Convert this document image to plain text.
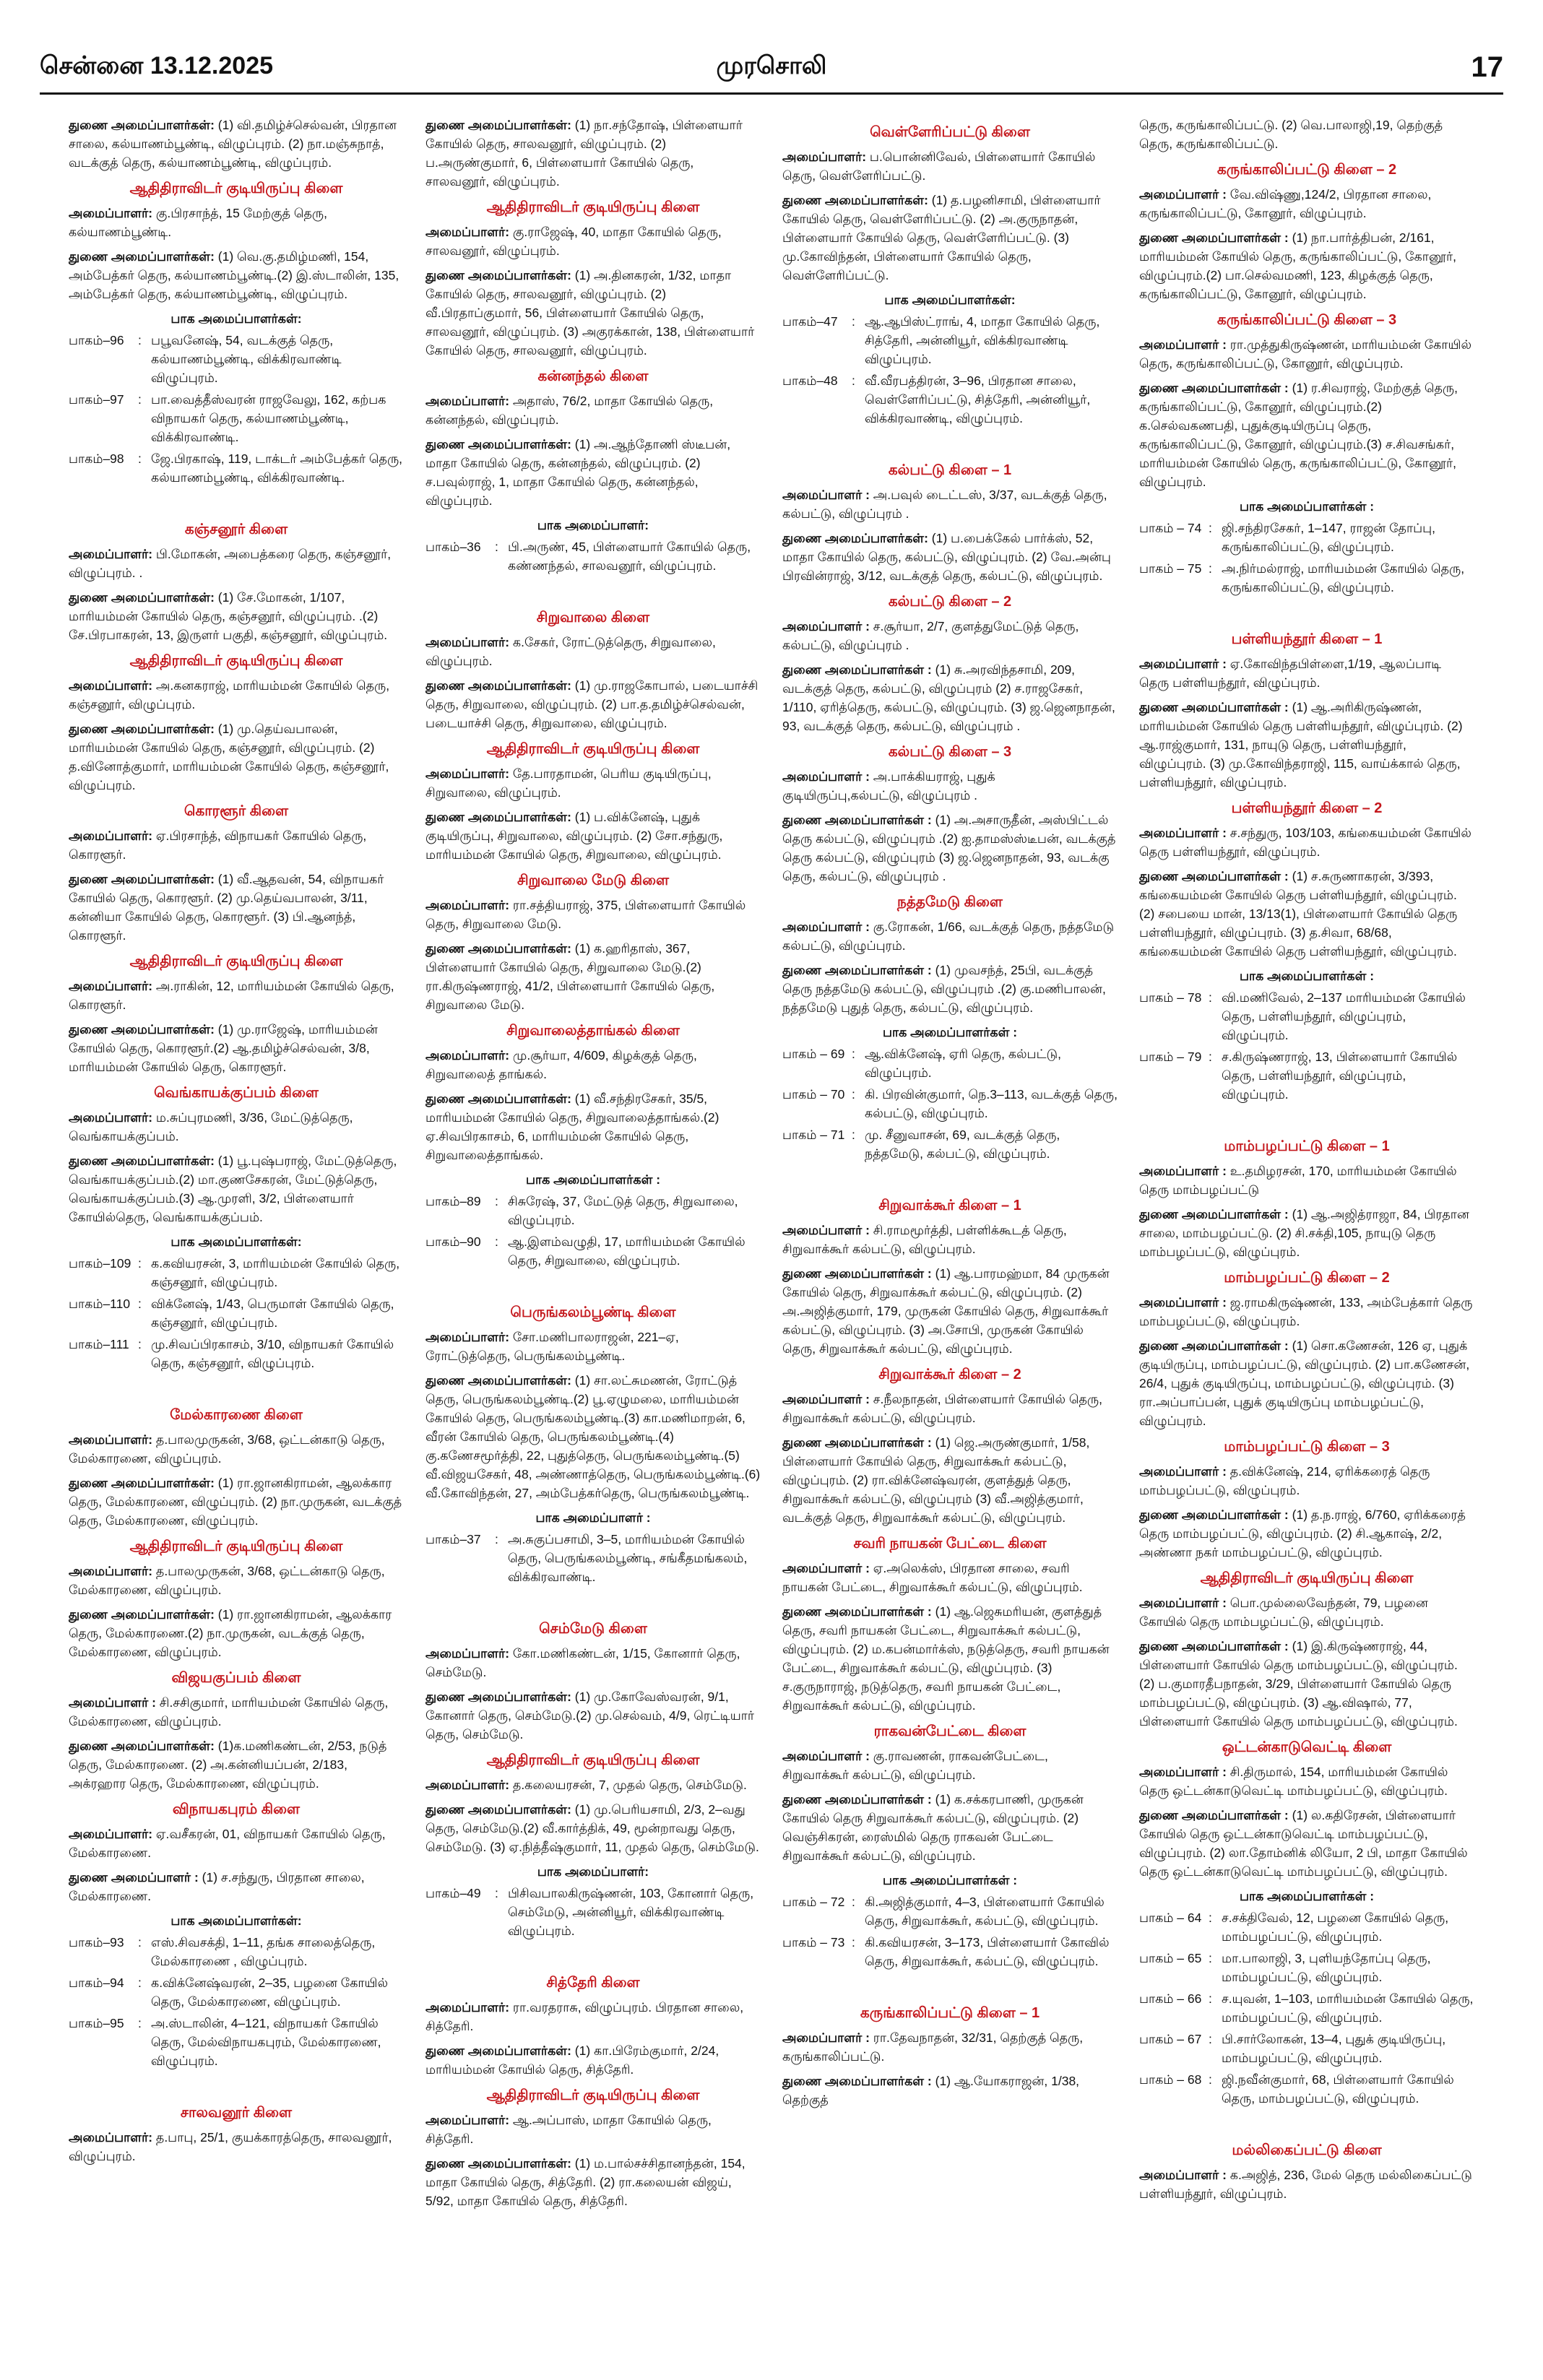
சென்னை 13.12.2025	முரசொலி	17
துணை அமைப்பாளர்கள்: (1) வி.தமிழ்ச்செல்வன், பிரதான சாலை, கல்யாணம்பூண்டி, விழுப்புரம். (2) நா.மஞ்சுநாத், வடக்குத் தெரு, கல்யாணம்பூண்டி, விழுப்புரம்.
ஆதிதிராவிடர் குடியிருப்பு கிளை
அமைப்பாளர்: கு.பிரசாந்த், 15 மேற்குத் தெரு, கல்யாணம்பூண்டி.
துணை அமைப்பாளர்கள்: (1) வெ.கு.தமிழ்மணி, 154, அம்பேத்கர் தெரு, கல்யாணம்பூண்டி.(2) இ.ஸ்டாலின், 135, அம்பேத்கர் தெரு, கல்யாணம்பூண்டி, விழுப்புரம்.
பாக அமைப்பாளர்கள்:
பாகம்–96	: பபூவனேஷ், 54, வடக்குத் தெரு, கல்யாணம்பூண்டி, விக்கிரவாண்டி விழுப்புரம்.
பாகம்–97	: பா.வைத்தீஸ்வரன் ராஜவேலு, 162, கற்பக விநாயகர் தெரு, கல்யாணம்பூண்டி, விக்கிரவாண்டி.
பாகம்–98	: ஜே.பிரகாஷ், 119, டாக்டர் அம்பேத்கர் தெரு, கல்யாணம்பூண்டி, விக்கிரவாண்டி.
கஞ்சனூர் கிளை
அமைப்பாளர்: பி.மோகன், அபைத்கரை தெரு, கஞ்சனூர், விழுப்புரம். .
துணை அமைப்பாளர்கள்: (1) சே.மோகன், 1/107, மாரியம்மன் கோயில் தெரு, கஞ்சனூர், விழுப்புரம். .(2) சே.பிரபாகரன், 13, இருளர் பகுதி, கஞ்சனூர், விழுப்புரம்.
ஆதிதிராவிடர் குடியிருப்பு கிளை
அமைப்பாளர்: அ.கனகராஜ், மாரியம்மன் கோயில் தெரு, கஞ்சனூர், விழுப்புரம்.
துணை அமைப்பாளர்கள்: (1) மு.தெய்வபாலன், மாரியம்மன் கோயில் தெரு, கஞ்சனூர், விழுப்புரம். (2) த.வினோத்குமார், மாரியம்மன் கோயில் தெரு, கஞ்சனூர், விழுப்புரம்.
கொரளூர் கிளை
அமைப்பாளர்: ஏ.பிரசாந்த், விநாயகர் கோயில் தெரு, கொரளூர்.
துணை அமைப்பாளர்கள்: (1) வீ.ஆதவன், 54, விநாயகர் கோயில் தெரு, கொரளூர். (2) மு.தெய்வபாலன், 3/11, கன்னியா கோயில் தெரு, கொரளூர். (3) பி.ஆனந்த், கொரளூர்.
ஆதிதிராவிடர் குடியிருப்பு கிளை
அமைப்பாளர்: அ.ராகின், 12, மாரியம்மன் கோயில் தெரு, கொரளூர்.
துணை அமைப்பாளர்கள்: (1) மு.ராஜேஷ், மாரியம்மன் கோயில் தெரு, கொரளூர்.(2) ஆ.தமிழ்ச்செல்வன், 3/8, மாரியம்மன் கோயில் தெரு, கொரளூர்.
வெங்காயக்குப்பம் கிளை
அமைப்பாளர்: ம.சுப்புரமணி, 3/36, மேட்டுத்தெரு, வெங்காயக்குப்பம்.
துணை அமைப்பாளர்கள்: (1) பூ.புஷ்பராஜ், மேட்டுத்தெரு, வெங்காயக்குப்பம்.(2) மா.குணசேகரன், மேட்டுத்தெரு, வெங்காயக்குப்பம்.(3) ஆ.முரளி, 3/2, பிள்ளையார் கோயில்தெரு, வெங்காயக்குப்பம்.
பாக அமைப்பாளர்கள்:
பாகம்–109 : க.கவியரசன், 3, மாரியம்மன் கோயில் தெரு, கஞ்சனூர், விழுப்புரம்.
பாகம்–110 : விக்னேஷ், 1/43, பெருமாள் கோயில் தெரு, கஞ்சனூர், விழுப்புரம்.
பாகம்–111 : மு.சிவப்பிரகாசம், 3/10, விநாயகர் கோயில் தெரு, கஞ்சனூர், விழுப்புரம்.
மேல்காரணை கிளை
அமைப்பாளர்: த.பாலமுருகன், 3/68, ஒட்டன்காடு தெரு, மேல்காரணை, விழுப்புரம்.
துணை அமைப்பாளர்கள்: (1) ரா.ஜானகிராமன், ஆலக்கார தெரு, மேல்காரணை, விழுப்புரம். (2) நா.முருகன், வடக்குத் தெரு, மேல்காரணை, விழுப்புரம்.
ஆதிதிராவிடர் குடியிருப்பு கிளை
அமைப்பாளர்: த.பாலமுருகன், 3/68, ஒட்டன்காடு தெரு, மேல்காரணை, விழுப்புரம்.
துணை அமைப்பாளர்கள்: (1) ரா.ஜானகிராமன், ஆலக்கார தெரு, மேல்காரணை.(2) நா.முருகன், வடக்குத் தெரு, மேல்காரணை, விழுப்புரம்.
விஜயகுப்பம் கிளை
அமைப்பாளர் : சி.சசிகுமார், மாரியம்மன் கோயில் தெரு, மேல்காரணை, விழுப்புரம்.
துணை அமைப்பாளர்கள்: (1)க.மணிகண்டன், 2/53, நடுத் தெரு, மேல்காரணை. (2) அ.கன்னியப்பன், 2/183, அக்ரஹார தெரு, மேல்காரணை, விழுப்புரம்.
விநாயகபுரம் கிளை
அமைப்பாளர்: ஏ.வசீகரன், 01, விநாயகர் கோயில் தெரு, மேல்காரணை.
துணை அமைப்பாளர் : (1) ச.சந்துரு, பிரதான சாலை, மேல்காரணை.
பாக அமைப்பாளர்கள்:
பாகம்–93	: எஸ்.சிவசக்தி, 1–11, தங்க சாலைத்தெரு, மேல்காரணை , விழுப்புரம்.
பாகம்–94	: க.விக்னேஷ்வரன், 2–35, பழனை கோயில் தெரு, மேல்காரணை, விழுப்புரம்.
பாகம்–95	: அ.ஸ்டாலின், 4–121, விநாயகர் கோயில் தெரு, மேல்விநாயகபுரம், மேல்காரணை, விழுப்புரம்.
சாலவனூர் கிளை
அமைப்பாளர்: த.பாபு, 25/1, குயக்காரத்தெரு, சாலவனூர், விழுப்புரம்.
துணை அமைப்பாளர்கள்: (1) நா.சந்தோஷ், பிள்ளையார் கோயில் தெரு, சாலவனூர், விழுப்புரம். (2) ப.அருண்குமார், 6, பிள்ளையார் கோயில் தெரு, சாலவனூர், விழுப்புரம்.
ஆதிதிராவிடர் குடியிருப்பு கிளை
அமைப்பாளர்: கு.ராஜேஷ், 40, மாதா கோயில் தெரு, சாலவனூர், விழுப்புரம்.
துணை அமைப்பாளர்கள்: (1) அ.தினகரன், 1/32, மாதா கோயில் தெரு, சாலவனூர், விழுப்புரம். (2) வீ.பிரதாப்குமார், 56, பிள்ளையார் கோயில் தெரு, சாலவனூர், விழுப்புரம். (3) அகுரக்கான், 138, பிள்ளையார் கோயில் தெரு, சாலவனூர், விழுப்புரம்.
கன்னந்தல் கிளை
அமைப்பாளர்: அதாஸ், 76/2, மாதா கோயில் தெரு, கன்னந்தல், விழுப்புரம்.
துணை அமைப்பாளர்கள்: (1) அ.ஆந்தோணி ஸ்டீபன், மாதா கோயில் தெரு, கன்னந்தல், விழுப்புரம். (2) ச.பவுல்ராஜ், 1, மாதா கோயில் தெரு, கன்னந்தல், விழுப்புரம்.
பாக அமைப்பாளர்:
பாகம்–36	: பி.அருண், 45, பிள்ளையார் கோயில் தெரு, கண்ணந்தல், சாலவனூர், விழுப்புரம்.
சிறுவாலை கிளை
அமைப்பாளர்: க.சேகர், ரோட்டுத்தெரு, சிறுவாலை, விழுப்புரம்.
துணை அமைப்பாளர்கள்: (1) மு.ராஜகோபால், படையாச்சி தெரு, சிறுவாலை, விழுப்புரம். (2) பா.த.தமிழ்ச்செல்வன், படையாச்சி தெரு, சிறுவாலை, விழுப்புரம்.
ஆதிதிராவிடர் குடியிருப்பு கிளை
அமைப்பாளர்: தே.பாரதாமன், பெரிய குடியிருப்பு, சிறுவாலை, விழுப்புரம்.
துணை அமைப்பாளர்கள்: (1) ப.விக்னேஷ், புதுக் குடியிருப்பு, சிறுவாலை, விழுப்புரம். (2) சோ.சந்துரு, மாரியம்மன் கோயில் தெரு, சிறுவாலை, விழுப்புரம்.
சிறுவாலை மேடு கிளை
அமைப்பாளர்: ரா.சத்தியராஜ், 375, பிள்ளையார் கோயில் தெரு, சிறுவாலை மேடு.
துணை அமைப்பாளர்கள்: (1) க.ஹரிதாஸ், 367, பிள்ளையார் கோயில் தெரு, சிறுவாலை மேடு.(2) ரா.கிருஷ்ணராஜ், 41/2, பிள்ளையார் கோயில் தெரு, சிறுவாலை மேடு.
சிறுவாலைத்தாங்கல் கிளை
அமைப்பாளர்: மு.சூர்யா, 4/609, கிழக்குத் தெரு, சிறுவாலைத் தாங்கல்.
துணை அமைப்பாளர்கள்: (1) வீ.சந்திரசேகர், 35/5, மாரியம்மன் கோயில் தெரு, சிறுவாலைத்தாங்கல்.(2) ஏ.சிவபிரகாசம், 6, மாரியம்மன் கோயில் தெரு, சிறுவாலைத்தாங்கல்.
பாக அமைப்பாளர்கள் :
பாகம்–89	: சிசுரேஷ், 37, மேட்டுத் தெரு, சிறுவாலை, விழுப்புரம்.
பாகம்–90	: ஆ.இளம்வழுதி, 17, மாரியம்மன் கோயில் தெரு, சிறுவாலை, விழுப்புரம்.
பெருங்கலம்பூண்டி கிளை
அமைப்பாளர்: சோ.மணிபாலராஜன், 221–ஏ, ரோட்டுத்தெரு, பெருங்கலம்பூண்டி.
துணை அமைப்பாளர்கள்: (1) சா.லட்சுமணன், ரோட்டுத் தெரு, பெருங்கலம்பூண்டி.(2) பூ.ஏழுமலை, மாரியம்மன் கோயில் தெரு, பெருங்கலம்பூண்டி.(3) கா.மணிமாறன், 6, வீரன் கோயில் தெரு, பெருங்கலம்பூண்டி.(4) கு.கணேசமூர்த்தி, 22, புதுத்தெரு, பெருங்கலம்பூண்டி.(5) வீ.விஜயசேகர், 48, அண்ணாத்தெரு, பெருங்கலம்பூண்டி.(6) வீ.கோவிந்தன், 27, அம்பேத்கர்தெரு, பெருங்கலம்பூண்டி.
பாக அமைப்பாளர் :
பாகம்–37	: அ.சுகுப்பசாமி, 3–5, மாரியம்மன் கோயில் தெரு, பெருங்கலம்பூண்டி, சங்கீதமங்கலம், விக்கிரவாண்டி.
செம்மேடு கிளை
அமைப்பாளர்: கோ.மணிகண்டன், 1/15, கோனார் தெரு, செம்மேடு.
துணை அமைப்பாளர்கள்: (1) மு.கோவேஸ்வரன், 9/1, கோனார் தெரு, செம்மேடு.(2) மு.செல்வம், 4/9, ரெட்டியார் தெரு, செம்மேடு.
ஆதிதிராவிடர் குடியிருப்பு கிளை
அமைப்பாளர்: த.கலையரசன், 7, முதல் தெரு, செம்மேடு.
துணை அமைப்பாளர்கள்: (1) மு.பெரியசாமி, 2/3, 2–வது தெரு, செம்மேடு.(2) வீ.கார்த்திக், 49, மூன்றாவது தெரு, செம்மேடு. (3) ஏ.நித்தீஷ்குமார், 11, முதல் தெரு, செம்மேடு.
பாக அமைப்பாளர்:
பாகம்–49	: பிசிவபாலகிருஷ்ணன், 103, கோனார் தெரு, செம்மேடு, அன்னியூர், விக்கிரவாண்டி விழுப்புரம்.
சித்தேரி கிளை
அமைப்பாளர்: ரா.வரதராசு, விழுப்புரம். பிரதான சாலை, சித்தேரி.
துணை அமைப்பாளர்கள்: (1) கா.பிரேம்குமார், 2/24, மாரியம்மன் கோயில் தெரு, சித்தேரி.
ஆதிதிராவிடர் குடியிருப்பு கிளை
அமைப்பாளர்: ஆ.அப்பாஸ், மாதா கோயில் தெரு, சித்தேரி.
துணை அமைப்பாளர்கள்: (1) ம.பால்சச்சிதானந்தன், 154, மாதா கோயில் தெரு, சித்தேரி. (2) ரா.கலையன் விஜய், 5/92, மாதா கோயில் தெரு, சித்தேரி.
வெள்ளேரிப்பட்டு கிளை
அமைப்பாளர்: ப.பொன்னிவேல், பிள்ளையார் கோயில் தெரு, வெள்ளேரிப்பட்டு.
துணை அமைப்பாளர்கள்: (1) த.பழனிசாமி, பிள்ளையார் கோயில் தெரு, வெள்ளேரிப்பட்டு. (2) அ.குருநாதன், பிள்ளையார் கோயில் தெரு, வெள்ளேரிப்பட்டு. (3) மு.கோவிந்தன், பிள்ளையார் கோயில் தெரு, வெள்ளேரிப்பட்டு.
பாக அமைப்பாளர்கள்:
பாகம்–47	: ஆ.ஆபிஸ்ட்ராங், 4, மாதா கோயில் தெரு, சித்தேரி, அன்னியூர், விக்கிரவாண்டி விழுப்புரம்.
பாகம்–48	: வீ.வீரபத்திரன், 3–96, பிரதான சாலை, வெள்ளேரிப்பட்டு, சித்தேரி, அன்னியூர், விக்கிரவாண்டி, விழுப்புரம்.
கல்பட்டு கிளை – 1
அமைப்பாளர் : அ.பவுல் டைட்டஸ், 3/37, வடக்குத் தெரு, கல்பட்டு, விழுப்புரம் .
துணை அமைப்பாளர்கள்: (1) ப.பைக்கேல் பார்க்ஸ், 52, மாதா கோயில் தெரு, கல்பட்டு, விழுப்புரம். (2) வே.அன்பு பிரவின்ராஜ், 3/12, வடக்குத் தெரு, கல்பட்டு, விழுப்புரம்.
கல்பட்டு கிளை – 2
அமைப்பாளர் : ச.சூர்யா, 2/7, குளத்துமேட்டுத் தெரு, கல்பட்டு, விழுப்புரம் .
துணை அமைப்பாளர்கள் : (1) சு.அரவிந்தசாமி, 209, வடக்குத் தெரு, கல்பட்டு, விழுப்புரம் (2) ச.ராஜசேகர், 1/110, ஏரித்தெரு, கல்பட்டு, விழுப்புரம். (3) ஜ.ஜெனநாதன், 93, வடக்குத் தெரு, கல்பட்டு, விழுப்புரம் .
கல்பட்டு கிளை – 3
அமைப்பாளர் : அ.பாக்கியராஜ், புதுக் குடியிருப்பு,கல்பட்டு, விழுப்புரம் .
துணை அமைப்பாளர்கள் : (1) அ.அசாருதீன், அஸ்பிட்டல் தெரு கல்பட்டு, விழுப்புரம் .(2) ஐ.தாமஸ்ஸ்டீபன், வடக்குத் தெரு கல்பட்டு, விழுப்புரம் (3) ஜ.ஜெனநாதன், 93, வடக்கு தெரு, கல்பட்டு, விழுப்புரம் .
நத்தமேடு கிளை
அமைப்பாளர் : கு.ரோகன், 1/66, வடக்குத் தெரு, நத்தமேடு கல்பட்டு, விழுப்புரம்.
துணை அமைப்பாளர்கள் : (1) முவசந்த், 25பி, வடக்குத் தெரு நத்தமேடு கல்பட்டு, விழுப்புரம் .(2) கு.மணிபாலன், நத்தமேடு புதுத் தெரு, கல்பட்டு, விழுப்புரம்.
பாக அமைப்பாளர்கள் :
பாகம் – 69 : ஆ.விக்னேஷ், ஏரி தெரு, கல்பட்டு, விழுப்புரம்.
பாகம் – 70 : கி. பிரவின்குமார், நெ.3–113, வடக்குத் தெரு, கல்பட்டு, விழுப்புரம்.
பாகம் – 71 : மு. சீனுவாசன், 69, வடக்குத் தெரு, நத்தமேடு, கல்பட்டு, விழுப்புரம்.
சிறுவாக்கூர் கிளை – 1
அமைப்பாளர் : சி.ராமமூர்த்தி, பள்ளிக்கூடத் தெரு, சிறுவாக்கூர் கல்பட்டு, விழுப்புரம்.
துணை அமைப்பாளர்கள் : (1) ஆ.பாரமஹ்மா, 84 முருகன் கோயில் தெரு, சிறுவாக்கூர் கல்பட்டு, விழுப்புரம். (2) அ.அஜித்குமார், 179, முருகன் கோயில் தெரு, சிறுவாக்கூர் கல்பட்டு, விழுப்புரம். (3) அ.சோபி, முருகன் கோயில் தெரு, சிறுவாக்கூர் கல்பட்டு, விழுப்புரம்.
சிறுவாக்கூர் கிளை – 2
அமைப்பாளர் : ச.நீலநாதன், பிள்ளையார் கோயில் தெரு, சிறுவாக்கூர் கல்பட்டு, விழுப்புரம்.
துணை அமைப்பாளர்கள் : (1) ஜெ.அருண்குமார், 1/58, பிள்ளையார் கோயில் தெரு, சிறுவாக்கூர் கல்பட்டு, விழுப்புரம். (2) ரா.விக்னேஷ்வரன், குளத்துத் தெரு, சிறுவாக்கூர் கல்பட்டு, விழுப்புரம் (3) வீ.அஜித்குமார், வடக்குத் தெரு, சிறுவாக்கூர் கல்பட்டு, விழுப்புரம்.
சவரி நாயகன் பேட்டை கிளை
அமைப்பாளர் : ஏ.அலெக்ஸ், பிரதான சாலை, சவரி நாயகன் பேட்டை, சிறுவாக்கூர் கல்பட்டு, விழுப்புரம்.
துணை அமைப்பாளர்கள் : (1) ஆ.ஜெசுமரியன், குளத்துத் தெரு, சவரி நாயகன் பேட்டை, சிறுவாக்கூர் கல்பட்டு, விழுப்புரம். (2) ம.கபன்மார்க்ஸ், நடுத்தெரு, சவரி நாயகன் பேட்டை, சிறுவாக்கூர் கல்பட்டு, விழுப்புரம். (3) ச.குருநாராஜ், நடுத்தெரு, சவரி நாயகன் பேட்டை, சிறுவாக்கூர் கல்பட்டு, விழுப்புரம்.
ராகவன்பேட்டை கிளை
அமைப்பாளர் : கு.ராவணன், ராகவன்பேட்டை, சிறுவாக்கூர் கல்பட்டு, விழுப்புரம்.
துணை அமைப்பாளர்கள் : (1) க.சக்கரபாணி, முருகன் கோயில் தெரு சிறுவாக்கூர் கல்பட்டு, விழுப்புரம். (2) வெஞ்சிகரன், ரைஸ்மில் தெரு ராகவன் பேட்டை சிறுவாக்கூர் கல்பட்டு, விழுப்புரம்.
பாக அமைப்பாளர்கள் :
பாகம் – 72 : கி.அஜித்குமார், 4–3, பிள்ளையார் கோயில் தெரு, சிறுவாக்கூர், கல்பட்டு, விழுப்புரம்.
பாகம் – 73 : கி.கவியரசன், 3–173, பிள்ளையார் கோவில் தெரு, சிறுவாக்கூர், கல்பட்டு, விழுப்புரம்.
கருங்காலிப்பட்டு கிளை – 1
அமைப்பாளர் : ரா.தேவநாதன், 32/31, தெற்குத் தெரு, கருங்காலிப்பட்டு.
துணை அமைப்பாளர்கள் : (1) ஆ.யோகராஜன், 1/38, தெற்குத்
தெரு, கருங்காலிப்பட்டு. (2) வெ.பாலாஜி,19, தெற்குத் தெரு, கருங்காலிப்பட்டு.
கருங்காலிப்பட்டு கிளை – 2
அமைப்பாளர் : வே.விஷ்ணு,124/2, பிரதான சாலை, கருங்காலிப்பட்டு, கோனூர், விழுப்புரம்.
துணை அமைப்பாளர்கள் : (1) நா.பார்த்திபன், 2/161, மாரியம்மன் கோயில் தெரு, கருங்காலிப்பட்டு, கோனூர், விழுப்புரம்.(2) பா.செல்வமணி, 123, கிழக்குத் தெரு, கருங்காலிப்பட்டு, கோனூர், விழுப்புரம்.
கருங்காலிப்பட்டு கிளை – 3
அமைப்பாளர் : ரா.முத்துகிருஷ்ணன், மாரியம்மன் கோயில் தெரு, கருங்காலிப்பட்டு, கோனூர், விழுப்புரம்.
துணை அமைப்பாளர்கள் : (1) ர.சிவராஜ், மேற்குத் தெரு, கருங்காலிப்பட்டு, கோனூர், விழுப்புரம்.(2) க.செல்வகணபதி, புதுக்குடியிருப்பு தெரு, கருங்காலிப்பட்டு, கோனூர், விழுப்புரம்.(3) ச.சிவசங்கர், மாரியம்மன் கோயில் தெரு, கருங்காலிப்பட்டு, கோனூர், விழுப்புரம்.
பாக அமைப்பாளர்கள் :
பாகம் – 74 : ஜி.சந்திரசேகர், 1–147, ராஜன் தோப்பு, கருங்காலிப்பட்டு, விழுப்புரம்.
பாகம் – 75 : அ.நிர்மல்ராஜ், மாரியம்மன் கோயில் தெரு, கருங்காலிப்பட்டு, விழுப்புரம்.
பள்ளியந்தூர் கிளை – 1
அமைப்பாளர் : ஏ.கோவிந்தபிள்ளை,1/19, ஆலப்பாடி தெரு பள்ளியந்தூர், விழுப்புரம்.
துணை அமைப்பாளர்கள் : (1) ஆ.அரிகிருஷ்ணன், மாரியம்மன் கோயில் தெரு பள்ளியந்தூர், விழுப்புரம். (2) ஆ.ராஜ்குமார், 131, நாயுடு தெரு, பள்ளியந்தூர், விழுப்புரம். (3) மு.கோவிந்தராஜி, 115, வாய்க்கால் தெரு, பள்ளியந்தூர், விழுப்புரம்.
பள்ளியந்தூர் கிளை – 2
அமைப்பாளர் : ச.சந்துரு, 103/103, கங்கையம்மன் கோயில் தெரு பள்ளியந்தூர், விழுப்புரம்.
துணை அமைப்பாளர்கள் : (1) ச.சுருணாகரன், 3/393, கங்கையம்மன் கோயில் தெரு பள்ளியந்தூர், விழுப்புரம். (2) சபையை மான், 13/13(1), பிள்ளையார் கோயில் தெரு பள்ளியந்தூர், விழுப்புரம். (3) த.சிவா, 68/68, கங்கையம்மன் கோயில் தெரு பள்ளியந்தூர், விழுப்புரம்.
பாக அமைப்பாளர்கள் :
பாகம் – 78 : வி.மணிவேல், 2–137 மாரியம்மன் கோயில் தெரு, பள்ளியந்தூர், விழுப்புரம், விழுப்புரம்.
பாகம் – 79 : ச.கிருஷ்ணராஜ், 13, பிள்ளையார் கோயில் தெரு, பள்ளியந்தூர், விழுப்புரம், விழுப்புரம்.
மாம்பழப்பட்டு கிளை – 1
அமைப்பாளர் : உ.தமிழரசன், 170, மாரியம்மன் கோயில் தெரு மாம்பழப்பட்டு
துணை அமைப்பாளர்கள் : (1) ஆ.அஜித்ராஜா, 84, பிரதான சாலை, மாம்பழப்பட்டு. (2) சி.சக்தி,105, நாயுடு தெரு மாம்பழப்பட்டு, விழுப்புரம்.
மாம்பழப்பட்டு கிளை – 2
அமைப்பாளர் : ஜ.ராமகிருஷ்ணன், 133, அம்பேத்கார் தெரு மாம்பழப்பட்டு, விழுப்புரம்.
துணை அமைப்பாளர்கள் : (1) சொ.கணேசன், 126 ஏ, புதுக் குடியிருப்பு, மாம்பழப்பட்டு, விழுப்புரம். (2) பா.கணேசன், 26/4, புதுக் குடியிருப்பு, மாம்பழப்பட்டு, விழுப்புரம். (3) ரா.அப்பாப்பன், புதுக் குடியிருப்பு மாம்பழப்பட்டு, விழுப்புரம்.
மாம்பழப்பட்டு கிளை – 3
அமைப்பாளர் : த.விக்னேஷ், 214, ஏரிக்கரைத் தெரு மாம்பழப்பட்டு, விழுப்புரம்.
துணை அமைப்பாளர்கள் : (1) த.ந.ராஜ், 6/760, ஏரிக்கரைத் தெரு மாம்பழப்பட்டு, விழுப்புரம். (2) சி.ஆகாஷ், 2/2, அண்ணா நகர் மாம்பழப்பட்டு, விழுப்புரம்.
ஆதிதிராவிடர் குடியிருப்பு கிளை
அமைப்பாளர் : பொ.முல்லைவேந்தன், 79, பழனை கோயில் தெரு மாம்பழப்பட்டு, விழுப்புரம்.
துணை அமைப்பாளர்கள் : (1) இ.கிருஷ்ணராஜ், 44, பிள்ளையார் கோயில் தெரு மாம்பழப்பட்டு, விழுப்புரம். (2) ப.குமாரதீபநாதன், 3/29, பிள்ளையார் கோயில் தெரு மாம்பழப்பட்டு, விழுப்புரம். (3) ஆ.விஷால், 77, பிள்ளையார் கோயில் தெரு மாம்பழப்பட்டு, விழுப்புரம்.
ஒட்டன்காடுவெட்டி கிளை
அமைப்பாளர் : சி.திருமால், 154, மாரியம்மன் கோயில் தெரு ஒட்டன்காடுவெட்டி மாம்பழப்பட்டு, விழுப்புரம்.
துணை அமைப்பாளர்கள் : (1) ல.கதிரேசன், பிள்ளையார் கோயில் தெரு ஒட்டன்காடுவெட்டி மாம்பழப்பட்டு, விழுப்புரம். (2) லா.தோம்னிக் லியோ, 2 பி, மாதா கோயில் தெரு ஒட்டன்காடுவெட்டி மாம்பழப்பட்டு, விழுப்புரம்.
பாக அமைப்பாளர்கள் :
பாகம் – 64 : ச.சக்திவேல், 12, பழனை கோயில் தெரு, மாம்பழப்பட்டு, விழுப்புரம்.
பாகம் – 65 : மா.பாலாஜி, 3, புளியந்தோப்பு தெரு, மாம்பழப்பட்டு, விழுப்புரம்.
பாகம் – 66 : ச.யுவன், 1–103, மாரியம்மன் கோயில் தெரு, மாம்பழப்பட்டு, விழுப்புரம்.
பாகம் – 67 : பி.சார்லோகன், 13–4, புதுக் குடியிருப்பு, மாம்பழப்பட்டு, விழுப்புரம்.
பாகம் – 68 : ஜி.நவீன்குமார், 68, பிள்ளையார் கோயில் தெரு, மாம்பழப்பட்டு, விழுப்புரம்.
மல்லிகைப்பட்டு கிளை
அமைப்பாளர் : க.அஜித், 236, மேல் தெரு மல்லிகைப்பட்டு பள்ளியந்தூர், விழுப்புரம்.
